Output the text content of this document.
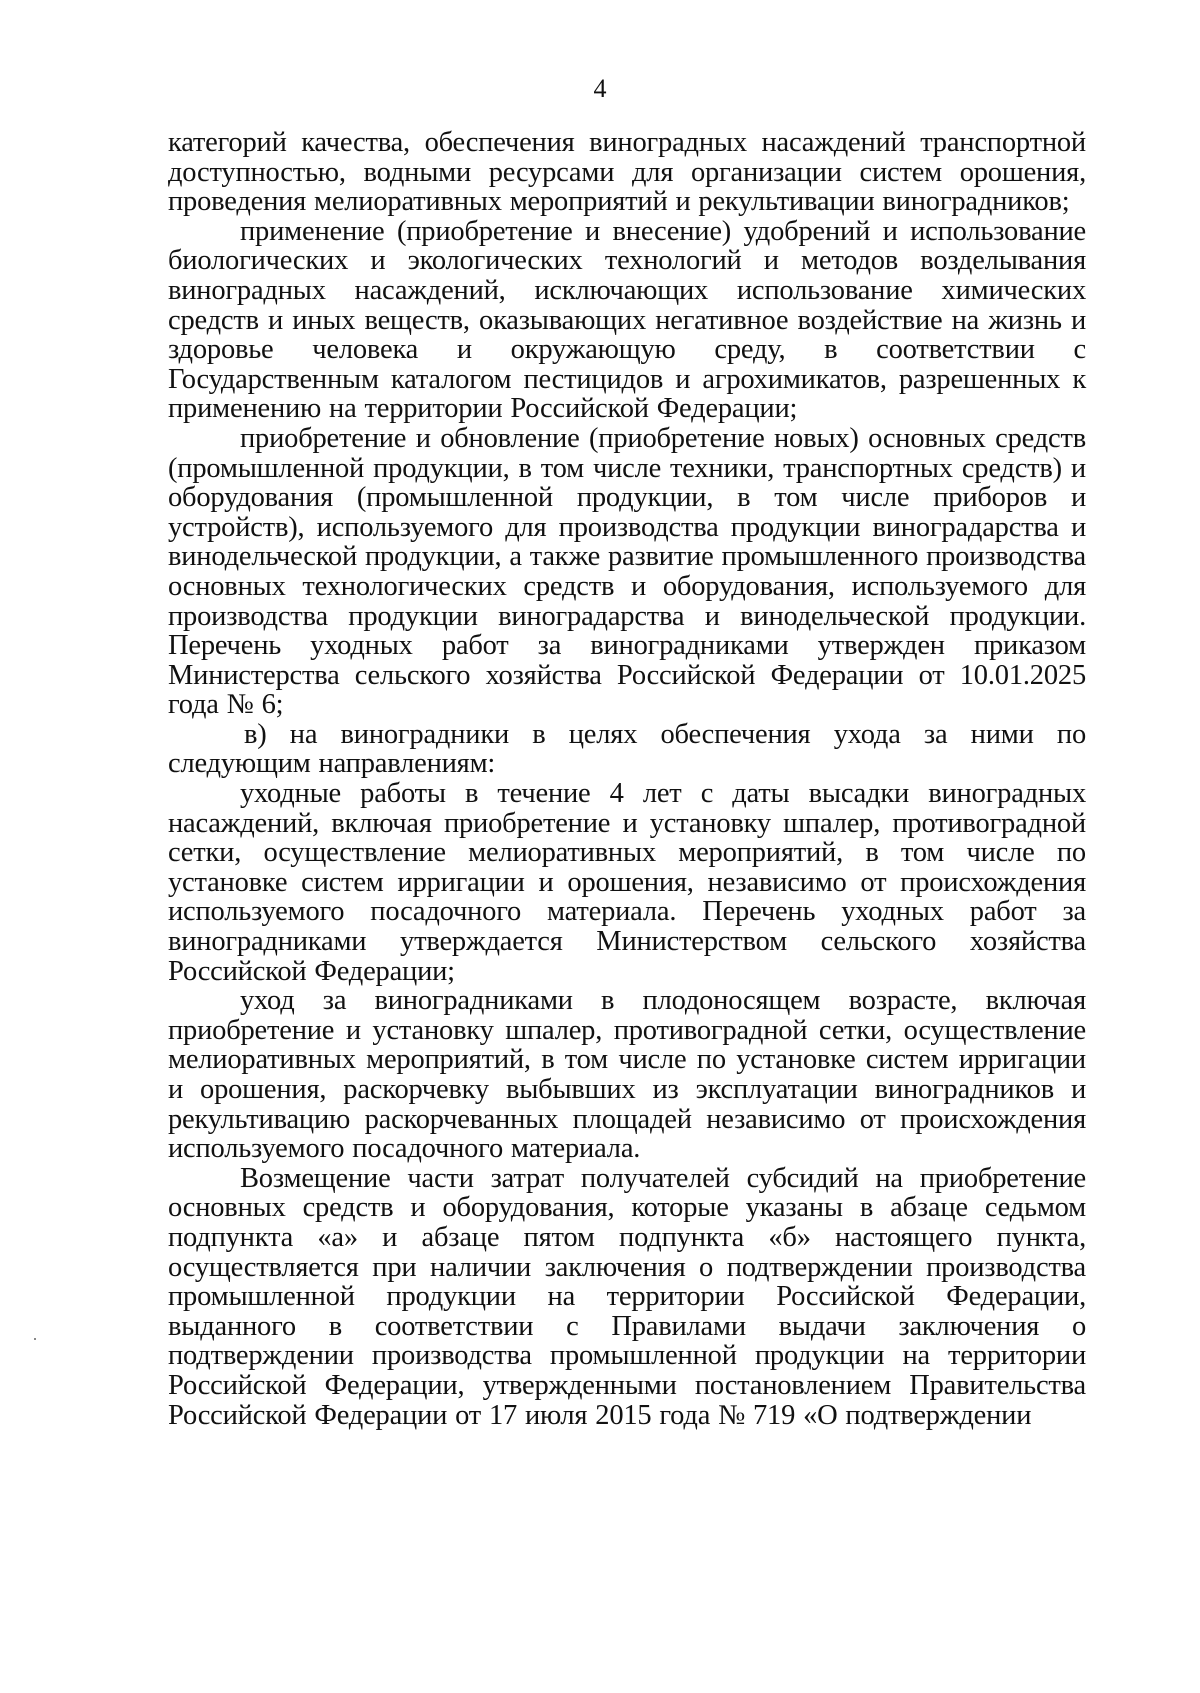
4

категорий качества, обеспечения виноградных насаждений транспортной доступностью, водными ресурсами для организации систем орошения, проведения мелиоративных мероприятий и рекультивации виноградников;

применение (приобретение и внесение) удобрений и использование биологических и экологических технологий и методов возделывания виноградных насаждений, исключающих использование химических средств и иных веществ, оказывающих негативное воздействие на жизнь и здоровье человека и окружающую среду, в соответствии с Государственным каталогом пестицидов и агрохимикатов, разрешенных к применению на территории Российской Федерации;

приобретение и обновление (приобретение новых) основных средств (промышленной продукции, в том числе техники, транспортных средств) и оборудования (промышленной продукции, в том числе приборов и устройств), используемого для производства продукции виноградарства и винодельческой продукции, а также развитие промышленного производства основных технологических средств и оборудования, используемого для производства продукции виноградарства и винодельческой продукции. Перечень уходных работ за виноградниками утвержден приказом Министерства сельского хозяйства Российской Федерации от 10.01.2025 года № 6;

в) на виноградники в целях обеспечения ухода за ними по следующим направлениям:

уходные работы в течение 4 лет с даты высадки виноградных насаждений, включая приобретение и установку шпалер, противоградной сетки, осуществление мелиоративных мероприятий, в том числе по установке систем ирригации и орошения, независимо от происхождения используемого посадочного материала. Перечень уходных работ за виноградниками утверждается Министерством сельского хозяйства Российской Федерации;

уход за виноградниками в плодоносящем возрасте, включая приобретение и установку шпалер, противоградной сетки, осуществление мелиоративных мероприятий, в том числе по установке систем ирригации и орошения, раскорчевку выбывших из эксплуатации виноградников и рекультивацию раскорчеванных площадей независимо от происхождения используемого посадочного материала.

Возмещение части затрат получателей субсидий на приобретение основных средств и оборудования, которые указаны в абзаце седьмом подпункта «а» и абзаце пятом подпункта «б» настоящего пункта, осуществляется при наличии заключения о подтверждении производства промышленной продукции на территории Российской Федерации, выданного в соответствии с Правилами выдачи заключения о подтверждении производства промышленной продукции на территории Российской Федерации, утвержденными постановлением Правительства Российской Федерации от 17 июля 2015 года № 719 «О подтверждении
